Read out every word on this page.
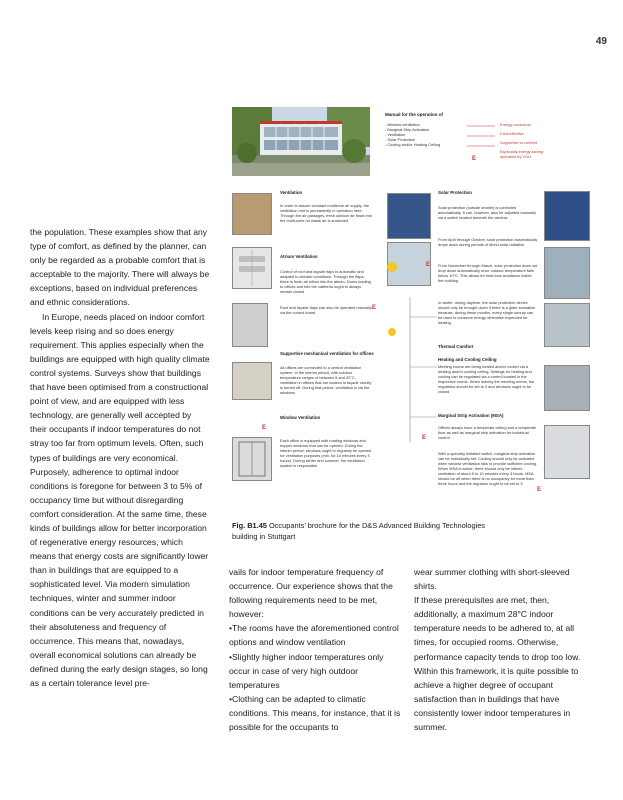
49
Manual for the operation of

- Window ventilation

- Marginal Strip Activation

- Ventilation

- Solar Protection

- Cooling and/or Heating Ceiling

Energy conscious

Cost-effective

Supportive to comfort

Especially energy-saving operation by YOU

E
Ventilation
In order to assure constant multizone air supply, the ventilation unit is permanently in operation here. Through the air passages, fresh outdoor air flows into the multi-zone nd waste air is suctioned
Atrium Ventilation
Control of roof and façade flaps is automatic and adapted to climatic conditions. Through the flaps, there is fresh air inflow into the atrium. Doors leading to offices and into the cafeteria ought to always remain closed
Roof and façade flaps can also be operated manually via the control board
E
Supportive mechanical ventilation for offices
All offices are connected to a central ventilation system. In the interim period, with outdoor temperature ranges of between 5 and 20°C, ventilation in offices that are located in façade vicinity is turned off. During that period, ventilation is via the windows
Window Ventilation
E
Each office is equipped with rotating windows and hopper windows that can be opened. During the interim period, windows ought to regularly be opened for ventilation purposes (min. for 10 minutes every 3 hours). During winter and summer, the ventilation system is responsible
E
E
Solar Protection
Solar protection (outside shutter) is controlled automatically. It can, however, also be adjusted manually via a switch located beneath the window
From April through October, solar protection automatically drops down during periods of direct solar radiation
From November through March, solar protection does not drop down automatically once outdoor temperature falls below 10°C. This allows for heat loss avoidance inside the building
In winter, during daytime, the solar protection device should only be brought down if there is a glare sensation because, during these months, every single sunray can be used to conserve energy otherwise expended for heating
Thermal Comfort
Heating and Cooling Ceiling
Meeting rooms are being heated and/or cooled via a heating and/or cooling ceiling. Settings for heating and cooling can be regulated via a control located in the respective rooms. When leaving the meeting rooms, the regulators should be set to 3 and windows ought to be closed
Marginal Strip Activation (MSA)
Offices always have a temperate ceiling and a temperate floor as well as marginal strip activation for individual control
With a specially installed switch, marginal strip activation can be individually set. Cooling should only be activated when window ventilation fails to provide sufficient cooling. When MSA is active, there should only be interim ventilation of about 5 to 10 minutes every 3 hours. MSA should be off when there is no occupancy for more than three hours and the regulator ought to be set to 3
E
Fig. B1.45 Occupants’ brochure for the D&S Advanced Building Technologies building in Stuttgart

the population. These examples show that any type of comfort, as defined by the planner, can only be regarded as a probable comfort that is acceptable to the majority. There will always be exceptions, based on individual preferences and ethnic considerations.

In Europe, needs placed on indoor comfort levels keep rising and so does energy requirement. This applies especially when the buildings are equipped with high quality climate control systems. Surveys show that buildings that have been optimised from a constructional point of view, and are equipped with less technology, are generally well accepted by their occupants if indoor temperatures do not stray too far from optimum levels. Often, such types of buildings are very economical. Purposely, adherence to optimal indoor conditions is foregone for between 3 to 5% of occupancy time but without disregarding comfort consideration. At the same time, these kinds of buildings allow for better incorporation of regenerative energy resources, which means that energy costs are significantly lower than in buildings that are equipped to a sophisticated level. Via modern simulation techniques, winter and summer indoor conditions can be very accurately predicted in their absoluteness and frequency of occurrence. This means that, nowadays, overall economical solutions can already be defined during the early design stages, so long as a certain tolerance level pre-

vails for indoor temperature frequency of occurrence. Our experience shows that the following requirements need to be met, however:

• The rooms have the aforementioned control options and window ventilation

• Slightly higher indoor temperatures only occur in case of very high outdoor temperatures

• Clothing can be adapted to climatic conditions. This means, for instance, that it is possible for the occupants to

wear summer clothing with short-sleeved shirts.

If these prerequisites are met, then, additionally, a maximum 28°C indoor temperature needs to be adhered to, at all times, for occupied rooms. Otherwise, performance capacity tends to drop too low. Within this framework, it is quite possible to achieve a higher degree of occupant satisfaction than in buildings that have consistently lower indoor temperatures in summer.
